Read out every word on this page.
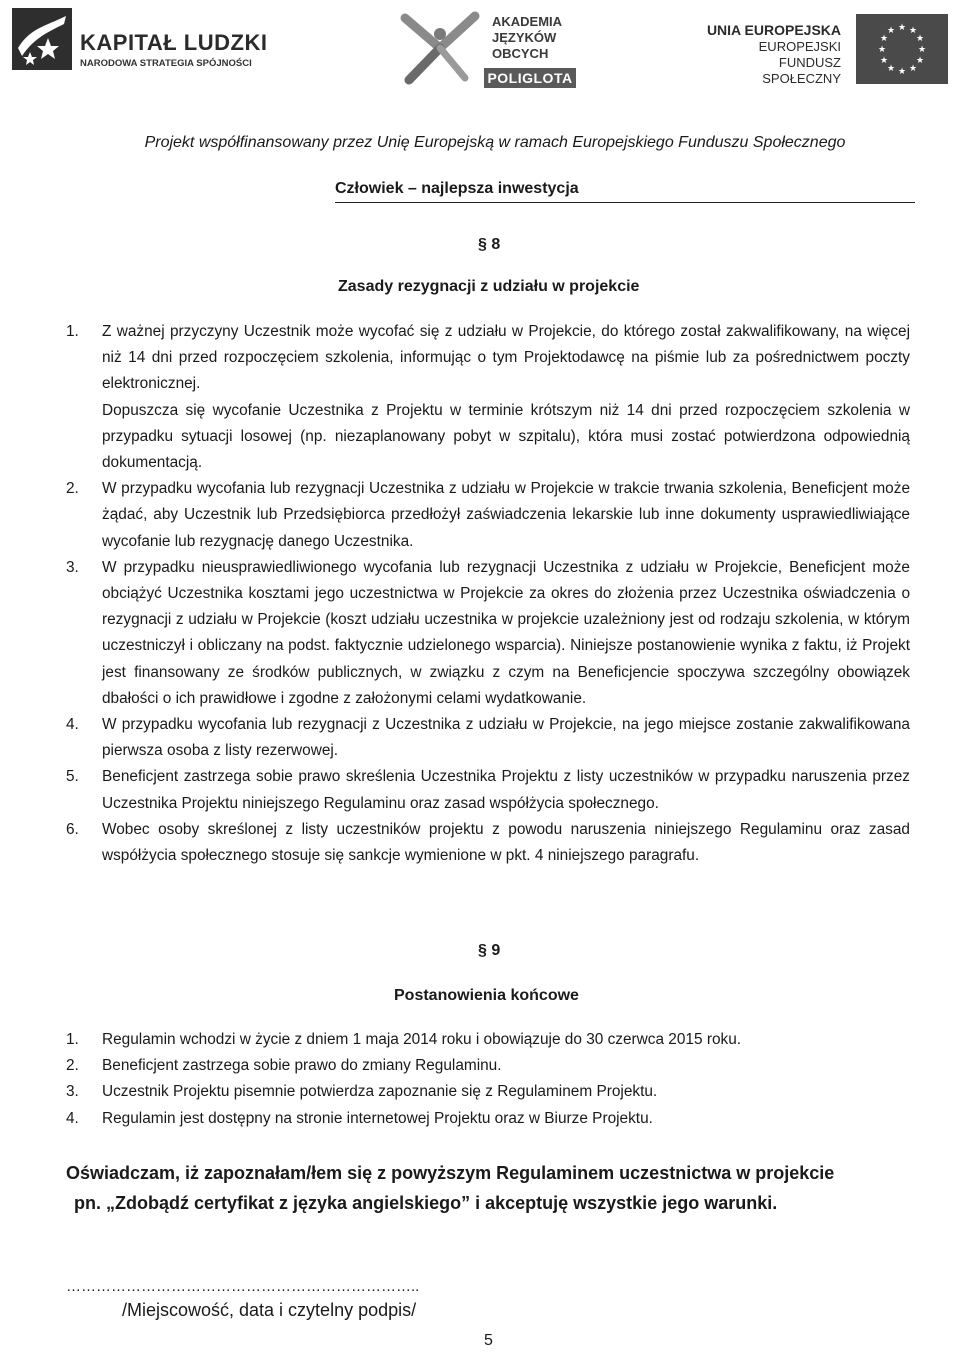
KAPITAŁ LUDZKI
NARODOWA STRATEGIA SPÓJNOŚCI
AKADEMIA
JĘZYKÓW
OBCYCH
POLIGLOTA
UNIA EUROPEJSKA
EUROPEJSKI
FUNDUSZ SPOŁECZNY
★ ★
★
★
★
★
★
★
★
★
★
★
Projekt współfinansowany przez Unię Europejską w ramach Europejskiego Funduszu Społecznego
Człowiek – najlepsza inwestycja
§ 8
Zasady rezygnacji z udziału w projekcie
1. Z ważnej przyczyny Uczestnik może wycofać się z udziału w Projekcie, do którego został zakwalifikowany, na więcej niż 14 dni przed rozpoczęciem szkolenia, informując o tym Projektodawcę na piśmie lub za pośrednictwem poczty elektronicznej.

Dopuszcza się wycofanie Uczestnika z Projektu w terminie krótszym niż 14 dni przed rozpoczęciem szkolenia w przypadku sytuacji losowej (np. niezaplanowany pobyt w szpitalu), która musi zostać potwierdzona odpowiednią dokumentacją.

2. W przypadku wycofania lub rezygnacji Uczestnika z udziału w Projekcie w trakcie trwania szkolenia, Beneficjent może żądać, aby Uczestnik lub Przedsiębiorca przedłożył zaświadczenia lekarskie lub inne dokumenty usprawiedliwiające wycofanie lub rezygnację danego Uczestnika.

3. W przypadku nieusprawiedliwionego wycofania lub rezygnacji Uczestnika z udziału w Projekcie, Beneficjent może obciążyć Uczestnika kosztami jego uczestnictwa w Projekcie za okres do złożenia przez Uczestnika oświadczenia o rezygnacji z udziału w Projekcie (koszt udziału uczestnika w projekcie uzależniony jest od rodzaju szkolenia, w którym uczestniczył i obliczany na podst. faktycznie udzielonego wsparcia). Niniejsze postanowienie wynika z faktu, iż Projekt jest finansowany ze środków publicznych, w związku z czym na Beneficjencie spoczywa szczególny obowiązek dbałości o ich prawidłowe i zgodne z założonymi celami wydatkowanie.

4. W przypadku wycofania lub rezygnacji z Uczestnika z udziału w Projekcie, na jego miejsce zostanie zakwalifikowana pierwsza osoba z listy rezerwowej.

5. Beneficjent zastrzega sobie prawo skreślenia Uczestnika Projektu z listy uczestników w przypadku naruszenia przez Uczestnika Projektu niniejszego Regulaminu oraz zasad współżycia społecznego.

6. Wobec osoby skreślonej z listy uczestników projektu z powodu naruszenia niniejszego Regulaminu oraz zasad współżycia społecznego stosuje się sankcje wymienione w pkt. 4 niniejszego paragrafu.

§ 9
Postanowienia końcowe
1. Regulamin wchodzi w życie z dniem 1 maja 2014 roku i obowiązuje do 30 czerwca 2015 roku.

2. Beneficjent zastrzega sobie prawo do zmiany Regulaminu.

3. Uczestnik Projektu pisemnie potwierdza zapoznanie się z Regulaminem Projektu.

4. Regulamin jest dostępny na stronie internetowej Projektu oraz w Biurze Projektu.

Oświadczam, iż zapoznałam/łem się z powyższym Regulaminem uczestnictwa w projekcie
pn. „Zdobądź certyfikat z języka angielskiego” i akceptuję wszystkie jego warunki.
……………………………………………………………..
/Miejscowość, data i czytelny podpis/
5
